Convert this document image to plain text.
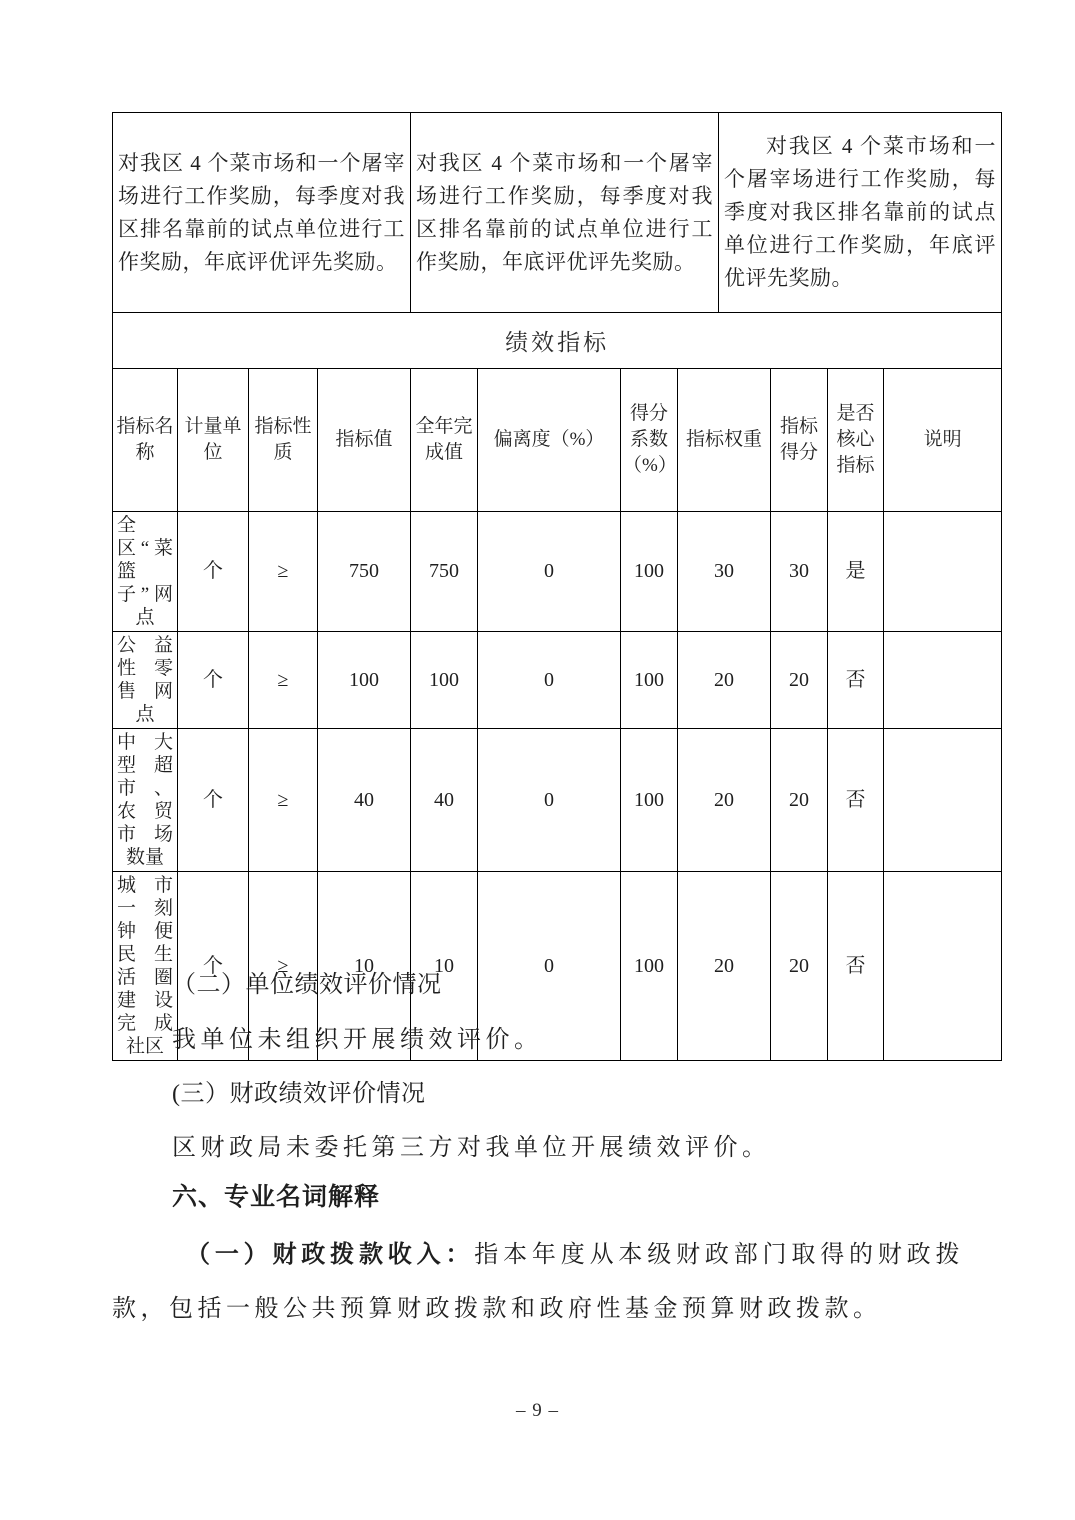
对我区 4 个菜市场和一个屠宰场进行工作奖励，每季度对我区排名靠前的试点单位进行工作奖励，年底评优评先奖励。

对我区 4 个菜市场和一个屠宰场进行工作奖励，每季度对我区排名靠前的试点单位进行工作奖励，年底评优评先奖励。

对我区 4 个菜市场和一个屠宰场进行工作奖励，每季度对我区排名靠前的试点单位进行工作奖励，年底评优评先奖励。

绩效指标										
指标名称	计量单位	指标性质	指标值	全年完成值	偏离度（%）	得分系数（%）	指标权重	指标得分	是否核心指标	说明
全区“菜篮子”网点	个	≥	750	750	0	100	30	30	是	
公益性零售网点	个	≥	100	100	0	100	20	20	否	
中大型超市、农贸市场数量	个	≥	40	40	0	100	20	20	否	
城市一刻钟便民生活圈建设完成社区	个	≥	10	10	0	100	20	20	否	
（二）单位绩效评价情况
我单位未组织开展绩效评价。
(三）财政绩效评价情况
区财政局未委托第三方对我单位开展绩效评价。
六、专业名词解释
（一）财政拨款收入：指本年度从本级财政部门取得的财政拨
款，包括一般公共预算财政拨款和政府性基金预算财政拨款。
– 9 –
